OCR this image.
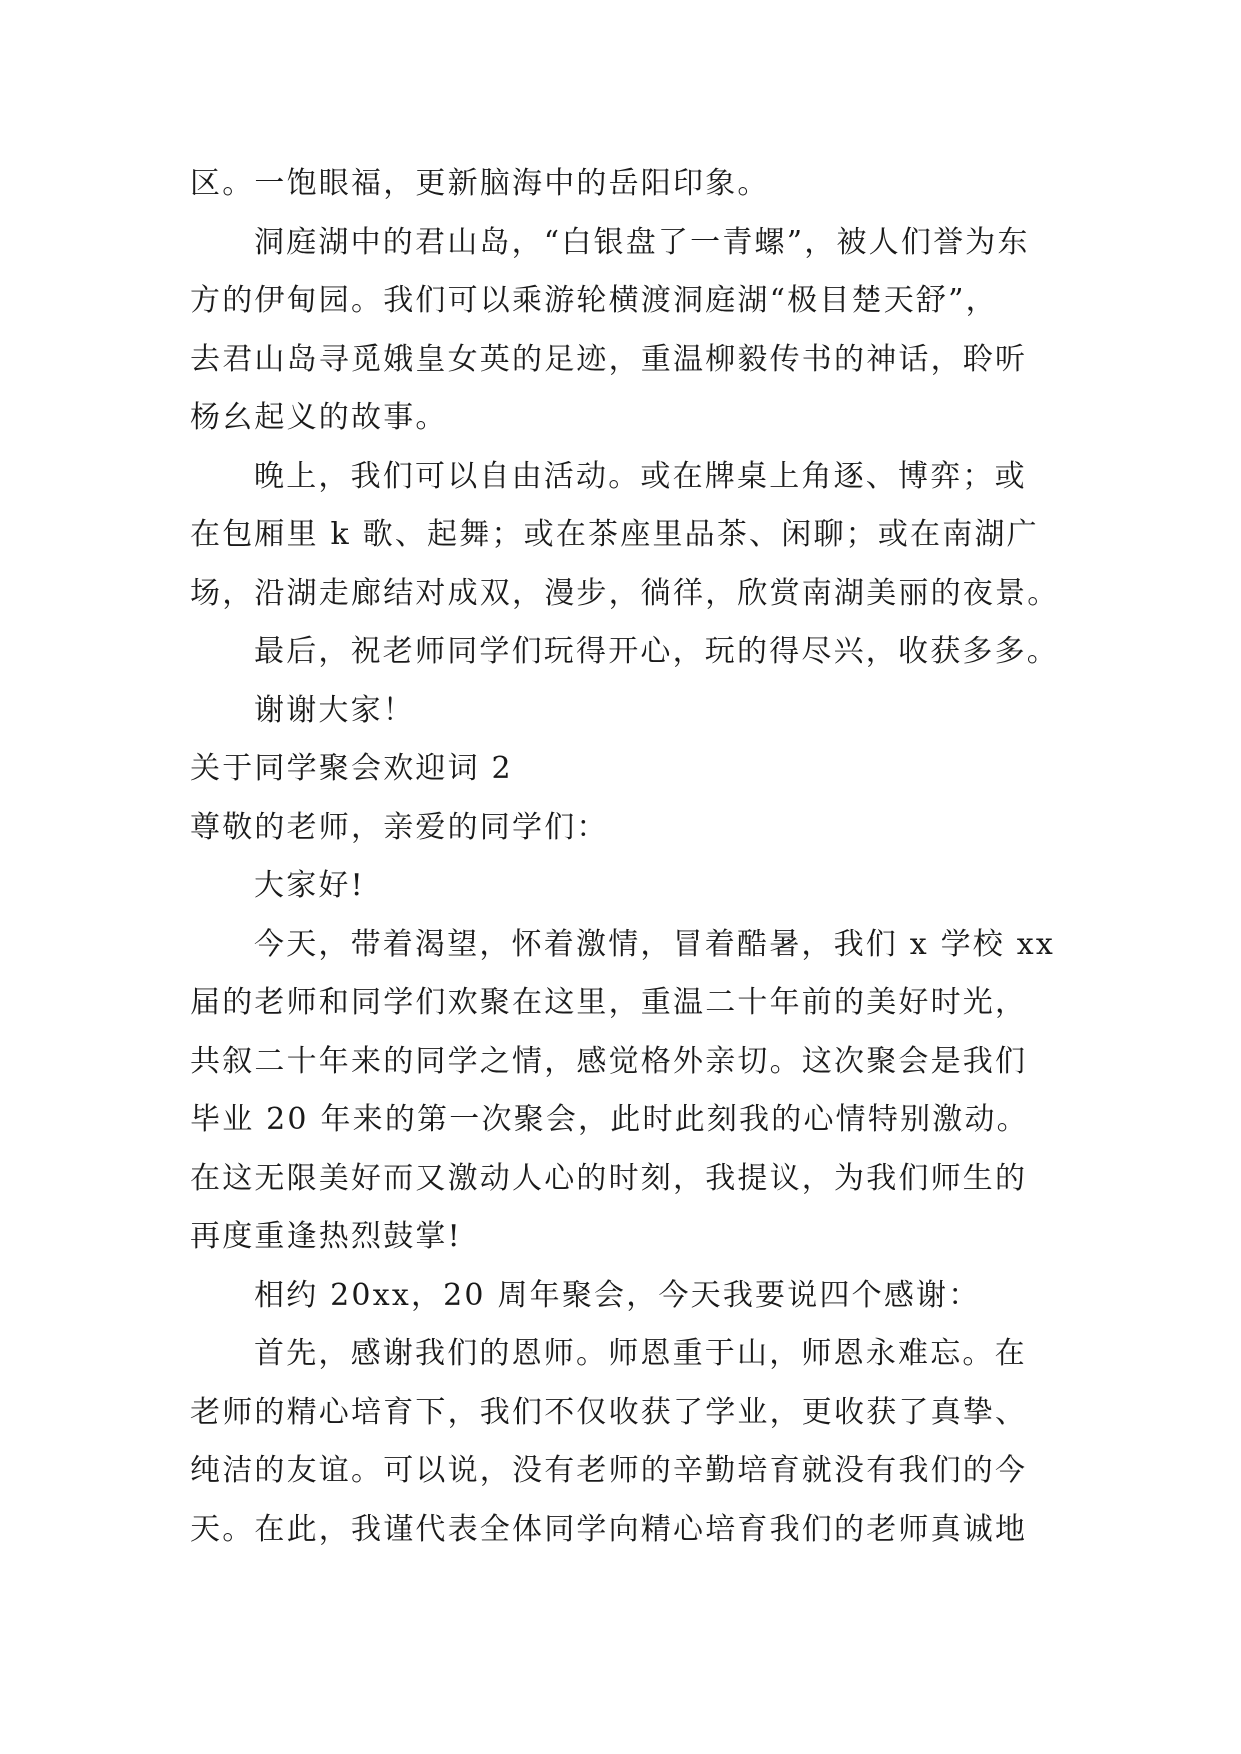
区。一饱眼福，更新脑海中的岳阳印象。
洞庭湖中的君山岛，“白银盘了一青螺”，被人们誉为东
方的伊甸园。我们可以乘游轮横渡洞庭湖“极目楚天舒”，
去君山岛寻觅娥皇女英的足迹，重温柳毅传书的神话，聆听
杨幺起义的故事。
晚上，我们可以自由活动。或在牌桌上角逐、博弈；或
在包厢里 k 歌、起舞；或在茶座里品茶、闲聊；或在南湖广
场，沿湖走廊结对成双，漫步，徜徉，欣赏南湖美丽的夜景。
最后，祝老师同学们玩得开心，玩的得尽兴，收获多多。
谢谢大家！
关于同学聚会欢迎词 2
尊敬的老师，亲爱的同学们：
大家好!
今天，带着渴望，怀着激情，冒着酷暑，我们 x 学校 xx
届的老师和同学们欢聚在这里，重温二十年前的美好时光，
共叙二十年来的同学之情，感觉格外亲切。这次聚会是我们
毕业 20 年来的第一次聚会，此时此刻我的心情特别激动。
在这无限美好而又激动人心的时刻，我提议，为我们师生的
再度重逢热烈鼓掌!
相约 20xx，20 周年聚会，今天我要说四个感谢：
首先，感谢我们的恩师。师恩重于山，师恩永难忘。在
老师的精心培育下，我们不仅收获了学业，更收获了真挚、
纯洁的友谊。可以说，没有老师的辛勤培育就没有我们的今
天。在此，我谨代表全体同学向精心培育我们的老师真诚地
